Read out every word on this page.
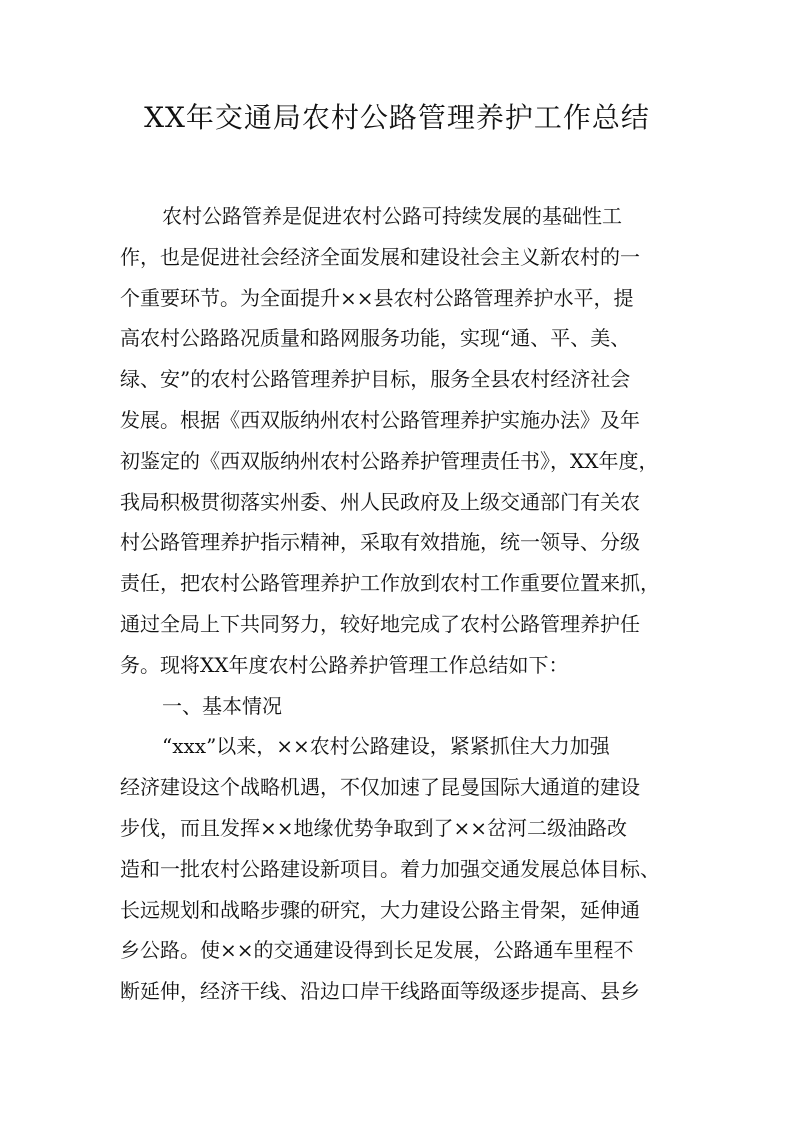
XX年交通局农村公路管理养护工作总结
农村公路管养是促进农村公路可持续发展的基础性工
作，也是促进社会经济全面发展和建设社会主义新农村的一
个重要环节。为全面提升××县农村公路管理养护水平，提
高农村公路路况质量和路网服务功能，实现“通、平、美、
绿、安”的农村公路管理养护目标，服务全县农村经济社会
发展。根据《西双版纳州农村公路管理养护实施办法》及年
初鉴定的《西双版纳州农村公路养护管理责任书》，XX年度，
我局积极贯彻落实州委、州人民政府及上级交通部门有关农
村公路管理养护指示精神，采取有效措施，统一领导、分级
责任，把农村公路管理养护工作放到农村工作重要位置来抓，
通过全局上下共同努力，较好地完成了农村公路管理养护任
务。现将XX年度农村公路养护管理工作总结如下：
一、基本情况
“xxx”以来，××农村公路建设，紧紧抓住大力加强
经济建设这个战略机遇，不仅加速了昆曼国际大通道的建设
步伐，而且发挥××地缘优势争取到了××岔河二级油路改
造和一批农村公路建设新项目。着力加强交通发展总体目标、
长远规划和战略步骤的研究，大力建设公路主骨架，延伸通
乡公路。使××的交通建设得到长足发展，公路通车里程不
断延伸，经济干线、沿边口岸干线路面等级逐步提高、县乡
